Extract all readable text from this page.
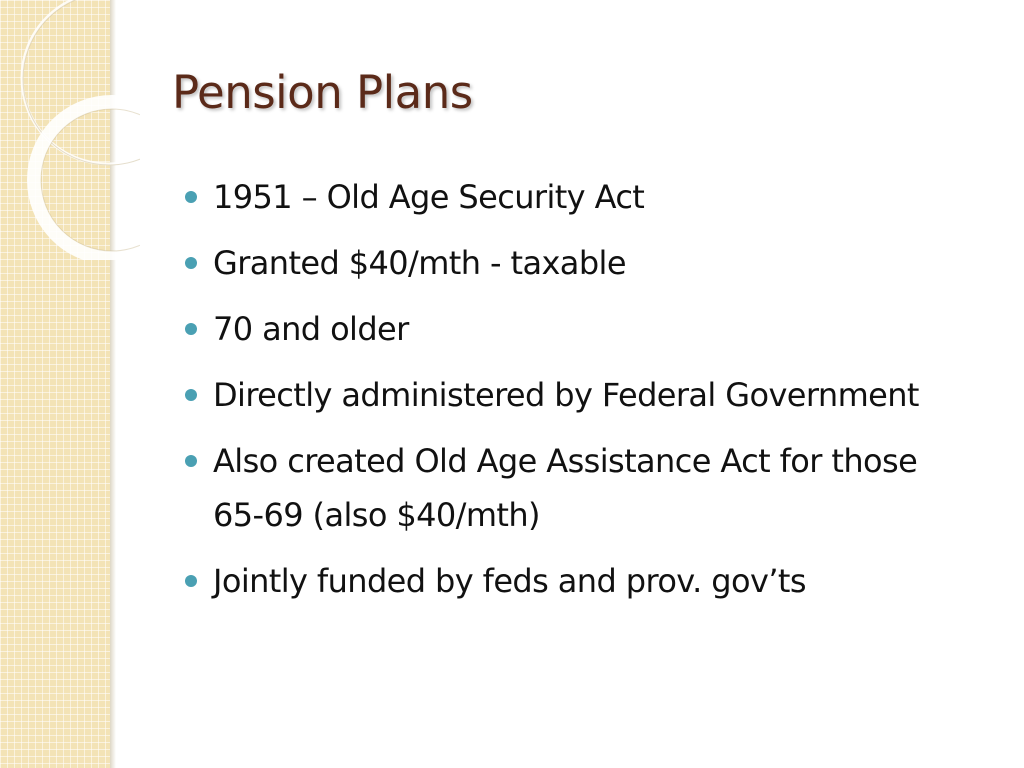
Pension Plans
1951 – Old Age Security Act
Granted $40/mth - taxable
70 and older
Directly administered by Federal Government
Also created Old Age Assistance Act for those 65-69 (also $40/mth)
Jointly funded by feds and prov. gov’ts
